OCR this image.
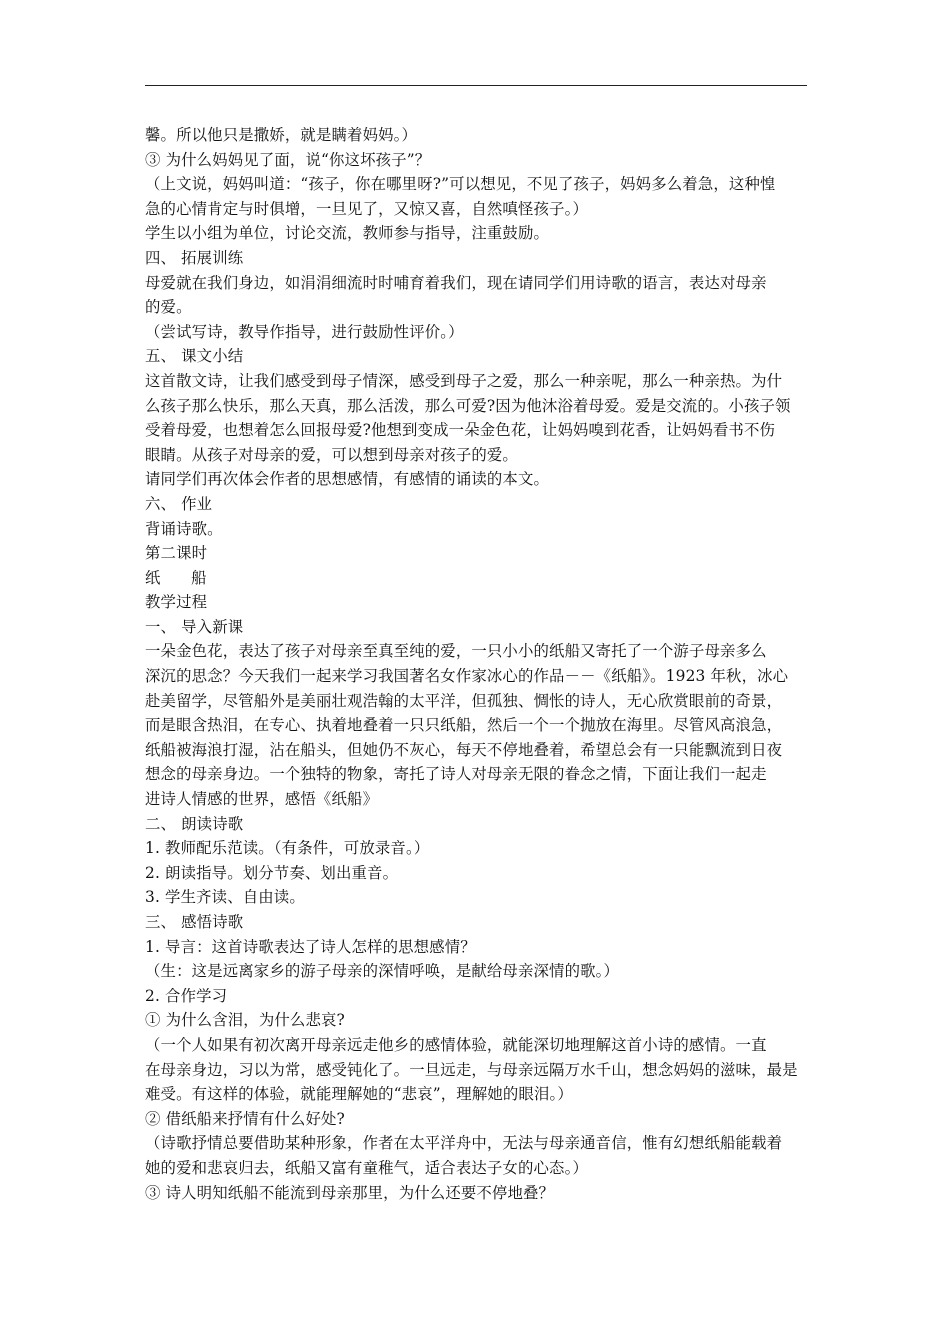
馨。所以他只是撒娇，就是瞒着妈妈。）
③ 为什么妈妈见了面，说“你这坏孩子”？
（上文说，妈妈叫道：“孩子，你在哪里呀?”可以想见，不见了孩子，妈妈多么着急，这种惶
急的心情肯定与时俱增，一旦见了，又惊又喜，自然嗔怪孩子。）
学生以小组为单位，讨论交流，教师参与指导，注重鼓励。
四、 拓展训练
母爱就在我们身边，如涓涓细流时时哺育着我们，现在请同学们用诗歌的语言，表达对母亲
的爱。
（尝试写诗，教导作指导，进行鼓励性评价。）
五、 课文小结
这首散文诗，让我们感受到母子情深，感受到母子之爱，那么一种亲呢，那么一种亲热。为什
么孩子那么快乐，那么天真，那么活泼，那么可爱?因为他沐浴着母爱。爱是交流的。小孩子领
受着母爱，也想着怎么回报母爱?他想到变成一朵金色花，让妈妈嗅到花香，让妈妈看书不伤
眼睛。从孩子对母亲的爱，可以想到母亲对孩子的爱。
请同学们再次体会作者的思想感情，有感情的诵读的本文。
六、 作业
背诵诗歌。
第二课时
纸　　船
教学过程
一、 导入新课
一朵金色花，表达了孩子对母亲至真至纯的爱，一只小小的纸船又寄托了一个游子母亲多么
深沉的思念？今天我们一起来学习我国著名女作家冰心的作品－－《纸船》。1923 年秋，冰心
赴美留学，尽管船外是美丽壮观浩翰的太平洋，但孤独、惆怅的诗人，无心欣赏眼前的奇景，
而是眼含热泪，在专心、执着地叠着一只只纸船，然后一个一个抛放在海里。尽管风高浪急，
纸船被海浪打湿，沾在船头，但她仍不灰心，每天不停地叠着，希望总会有一只能飘流到日夜
想念的母亲身边。一个独特的物象，寄托了诗人对母亲无限的眷念之情，下面让我们一起走
进诗人情感的世界，感悟《纸船》
二、 朗读诗歌
1. 教师配乐范读。（有条件，可放录音。）
2. 朗读指导。划分节奏、划出重音。
3. 学生齐读、自由读。
三、 感悟诗歌
1. 导言：这首诗歌表达了诗人怎样的思想感情？
（生：这是远离家乡的游子母亲的深情呼唤，是献给母亲深情的歌。）
2. 合作学习
① 为什么含泪，为什么悲哀?
（一个人如果有初次离开母亲远走他乡的感情体验，就能深切地理解这首小诗的感情。一直
在母亲身边，习以为常，感受钝化了。一旦远走，与母亲远隔万水千山，想念妈妈的滋味，最是
难受。有这样的体验，就能理解她的“悲哀”，理解她的眼泪。）
② 借纸船来抒情有什么好处?
（诗歌抒情总要借助某种形象，作者在太平洋舟中，无法与母亲通音信，惟有幻想纸船能载着
她的爱和悲哀归去，纸船又富有童稚气，适合表达子女的心态。）
③ 诗人明知纸船不能流到母亲那里，为什么还要不停地叠？
